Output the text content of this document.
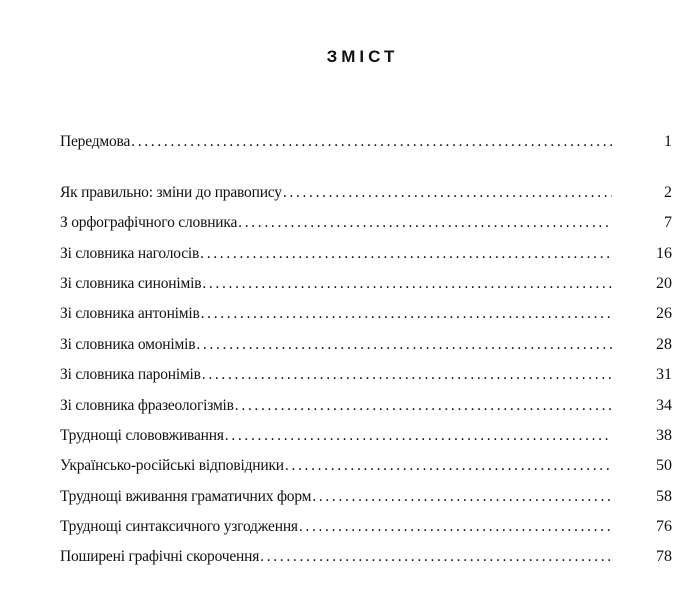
ЗМІСТ
Передмова . . .	1
Як правильно: зміни до правопису . . .	2
З орфографічного словника . . .	7
Зі словника наголосів . . .	16
Зі словника синонімів . . .	20
Зі словника антонімів . . .	26
Зі словника омонімів . . .	28
Зі словника паронімів . . .	31
Зі словника фразеологізмів . . .	34
Труднощі слововживання . . .	38
Українсько-російські відповідники . . .	50
Труднощі вживання граматичних форм . . .	58
Труднощі синтаксичного узгодження . . .	76
Поширені графічні скорочення . . .	78
